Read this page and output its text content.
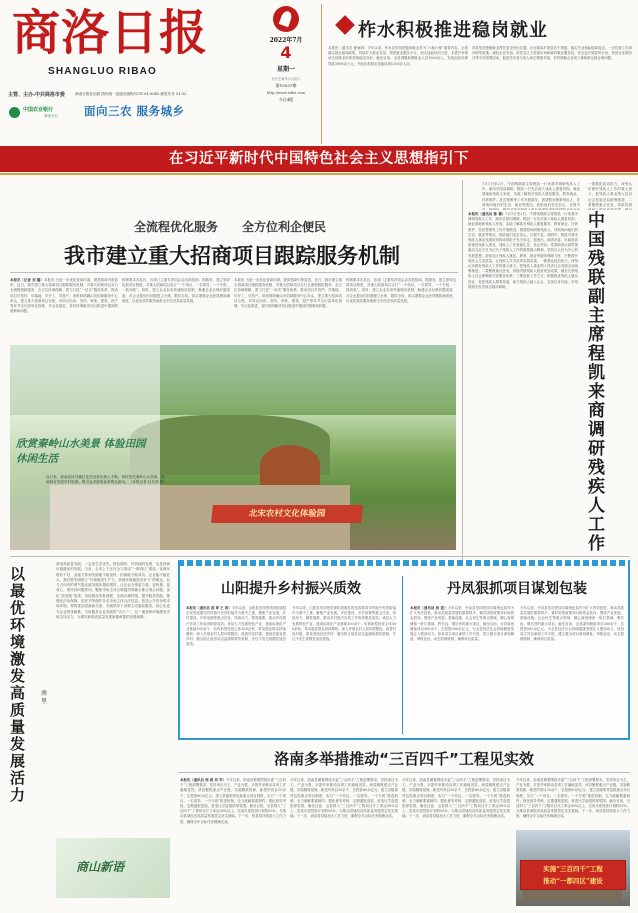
商洛日报
SHANGLUO RIBAO
主管、主办:中共商洛市委	商洛日报社出版 国内统一连续出版物号CN 61-0045 邮发代号 51-32
中国农业银行
商洛分行 面向三农 服务城乡
2022年7月
4
星期一
农历壬寅年六月初六
第10037期
http://www.slrbs.com
今日4版
柞水积极推进稳岗就业
本报讯（通讯员 夏雨明）今年以来，柞水县坚持把稳岗就业作为“六稳六保”重要内容，全面落实援企稳岗政策，持续扩大就业容量，搭建就业服务平台，加大技能培训力度，多措并举推动全县就业形势持续稳定向好。截至目前，全县城镇新增就业人员1600余人，发放创业担保贷款3000余万元，开展各类职业技能培训1200余人次。
该县坚持把稳就业摆在更加突出位置，出台稳岗扩就业若干措施，落实失业保险稳岗返还、一次性留工培训补助等政策，减轻企业负担。依托县人力资源市场和镇村就业服务站，常态化开展春风行动、民营企业服务月等专项招聘活动，促进劳动者与用人单位精准对接，有效缓解企业用工难和群众就业难问题。
在习近平新时代中国特色社会主义思想指引下
全流程优化服务　　全方位利企便民
我市建立重大招商项目跟踪服务机制
本报讯（记者 刘 璐）本报讯 为进一步优化营商环境，提高招商引资质效，近日，我市建立重大招商项目跟踪服务机制，对重大招商项目实行全流程跟踪服务、全方位协调保障，着力打造“一站式”服务体系，推动项目早签约、早落地、早开工、早投产。该机制明确由市招商服务中心牵头，建立重大招商项目台账，对项目洽谈、签约、审批、建设、投产等环节实行清单化管理、节点化推进，及时协调解决项目推进中遇到的困难和问题。
机制要求各县区、各部门主要负责同志亲自抓招商、抓服务，建立领导包抓项目制度，对重大招商项目实行“一个项目、一名领导、一个专班、一抓到底”。同时，建立企业诉求快速响应机制，畅通企业反映问题渠道，对企业提出的问题建立台账、限时办结，切实增强企业获得感和满意度，以优质高效服务助推全市经济高质量发展。
本报讯 为进一步优化营商环境，提高招商引资质效，近日，我市建立重大招商项目跟踪服务机制，对重大招商项目实行全流程跟踪服务、全方位协调保障，着力打造“一站式”服务体系，推动项目早签约、早落地、早开工、早投产。该机制明确由市招商服务中心牵头，建立重大招商项目台账，对项目洽谈、签约、审批、建设、投产等环节实行清单化管理、节点化推进，及时协调解决项目推进中遇到的困难和问题。
机制要求各县区、各部门主要负责同志亲自抓招商、抓服务，建立领导包抓项目制度，对重大招商项目实行“一个项目、一名领导、一个专班、一抓到底”。同时，建立企业诉求快速响应机制，畅通企业反映问题渠道，对企业提出的问题建立台账、限时办结，切实增强企业获得感和满意度，以优质高效服务助推全市经济高质量发展。
欣赏秦岭山水美景 体验田园休闲生活
连日来，商南县试马镇红花村农家乐游人不断。该村依托秦岭山水资源，因地制宜发展乡村旅游，吸引众多游客前来观光游玩。（本报记者 杜东岗 摄）
北宋农村文化体验园
本报讯（通讯员 陈 谦）7月1日至2日，中国残联副主席程凯一行来我市调研残疾人工作，副市长陪同调研。程凯一行先后深入残疾人康复机构、就业基地和残疾人家庭，实地了解我市残疾人康复服务、教育就业、托养照护、扶贫帮困等工作开展情况，看望慰问困难残疾人，详细询问他们的生活、就业等情况，鼓励他们坚定信心、自强不息。调研中，程凯对我市残疾人事业发展取得的成绩给予充分肯定，他指出，商洛市委、市政府高度重视残疾人事业，残疾人工作基础扎实、亮点突出。希望商洛认真贯彻落实习近平总书记关于残疾人工作的重要指示精神，坚持以人民为中心的发展思想，持续加大残疾人康复、教育、就业等服务保障力度，不断提升残疾人生活质量，让残疾人共享改革发展成果。一要强化政治担当，深刻认识做好残疾人工作的重大意义，把残疾人事业纳入经济社会发展全局统筹推进；二要聚焦重点任务，持续巩固残疾人脱贫攻坚成果，健全完善残疾人社会保障和关爱服务体系；三要创新工作方式，积极推进残疾人就业创业，拓宽残疾人增收渠道，助力残疾人融入社会、实现自身价值。市残联相关负责同志陪同调研。
7月1日至2日，中国残联副主席程凯一行来我市调研残疾人工作，副市长陪同调研。程凯一行先后深入残疾人康复机构、就业基地和残疾人家庭，实地了解我市残疾人康复服务、教育就业、托养照护、扶贫帮困等工作开展情况，看望慰问困难残疾人，详细询问他们的生活、就业等情况，鼓励他们坚定信心、自强不
中国残联副主席程凯来商调研残疾人工作
一要强化政治担当，深刻认识做好残疾人工作的重大意义，把残疾人事业纳入经济社会发展全局统筹推进；二要聚焦重点任务，持续巩固
以最优环境激发高质量发展活力
南 里
商洛高质量发展，一定是生态优先、绿色循环、可持续的发展，也是营商环境最优的发展。当前，全市上下正在全力推动“一都四区”建设，营商环境好不好，直接关系到发展能不能加快、招商能不能成功、企业能不能壮大。我们要牢固树立“环境就是生产力、营商环境就是竞争力”的理念，以刀刃向内的勇气推动政务服务提质增效，让企业办事更方便、更快捷、更省心。要坚持问题导向，聚焦市场主体反映强烈的痛点难点堵点问题，深化“放管服”改革，持续简化审批流程，压缩办理时限，提升服务效能。要强化法治保障，依法平等保护各类市场主体合法权益，营造公平竞争的市场环境。要构建亲清政商关系，各级领导干部要主动靠前服务，真心实意为企业排忧解难，当好服务企业发展的“店小二”，以一流营商环境激发市场主体活力，为谱写商洛高质量发展新篇章提供坚强保障。
商山新语
山阳提升乡村振兴质效
本报讯（通讯员 胡 坤 王 玥）今年以来，山阳县坚持把巩固拓展脱贫攻坚成果同乡村振兴有效衔接作为重中之重，聚焦产业发展、乡村建设、乡村治理等重点任务，持续用力、精准施策，推动乡村振兴各项工作取得明显成效。该县大力发展特色产业，建成标准化产业基地100余个，培育新型经营主体300余家，带动脱贫群众持续增收；深入开展农村人居环境整治，改善村容村貌，建设美丽宜居乡村；健全防止返贫动态监测和帮扶机制，守住不发生规模性返贫底线。
今年以来，山阳县坚持把巩固拓展脱贫攻坚成果同乡村振兴有效衔接作为重中之重，聚焦产业发展、乡村建设、乡村治理等重点任务，持续用力、精准施策，推动乡村振兴各项工作取得明显成效。该县大力发展特色产业，建成标准化产业基地100余个，培育新型经营主体300余家，带动脱贫群众持续增收；深入开展农村人居环境整治，改善村容村貌，建设美丽宜居乡村；健全防止返贫动态监测和帮扶机制，守住不发生规模性返贫底线。
丹凤狠抓项目谋划包装
本报讯（通讯员 杨 波）今年以来，丹凤县坚持把项目谋划包装作为扩大有效投资、推动高质量发展的重要抓手，紧盯国家政策导向和资金投向，围绕产业发展、基础设施、社会民生等重点领域，精心谋划储备一批打基础、利长远、增后劲的重大项目。截至目前，全县谋划储备项目300余个，总投资500余亿元，为全县经济社会持续健康发展注入强劲动力。该县成立项目谋划工作专班，建立健全项目谋划储备、审核论证、动态管理机制，确保项目质量。
今年以来，丹凤县坚持把项目谋划包装作为扩大有效投资、推动高质量发展的重要抓手，紧盯国家政策导向和资金投向，围绕产业发展、基础设施、社会民生等重点领域，精心谋划储备一批打基础、利长远、增后劲的重大项目。截至目前，全县谋划储备项目300余个，总投资500余亿元，为全县经济社会持续健康发展注入强劲动力。该县成立项目谋划工作专班，建立健全项目谋划储备、审核论证、动态管理机制，确保项目质量。
洛南多举措推动“三百四千”工程见实效
本报讯（通讯员 杨 莉 刘 军）今年以来，洛南县紧紧围绕市委“三百四千”工程部署要求，坚持项目为王、产业为要，多措并举推动各项工作落地见效。该县聚焦重点产业链，实施精准招商，新签约项目20余个，总投资80余亿元；建立县级领导包抓重点项目制度，实行“一个项目、一名领导、一个专班”推进机制，全力破解要素制约；强化督导考核，定期通报进展，营造比学赶超浓厚氛围。截至目前，全县纳入“三百四千”工程项目开工率达90%以上，完成年度投资计划的55%，为推动县域经济高质量发展奠定坚实基础。下一步，该县将持续加大工作力度，确保全年目标任务圆满完成。
今年以来，洛南县紧紧围绕市委“三百四千”工程部署要求，坚持项目为王、产业为要，多措并举推动各项工作落地见效。该县聚焦重点产业链，实施精准招商，新签约项目20余个，总投资80余亿元；建立县级领导包抓重点项目制度，实行“一个项目、一名领导、一个专班”推进机制，全力破解要素制约；强化督导考核，定期通报进展，营造比学赶超浓厚氛围。截至目前，全县纳入“三百四千”工程项目开工率达90%以上，完成年度投资计划的55%，为推动县域经济高质量发展奠定坚实基础。下一步，该县将持续加大工作力度，确保全年目标任务圆满完成。
今年以来，洛南县紧紧围绕市委“三百四千”工程部署要求，坚持项目为王、产业为要，多措并举推动各项工作落地见效。该县聚焦重点产业链，实施精准招商，新签约项目20余个，总投资80余亿元；建立县级领导包抓重点项目制度，实行“一个项目、一名领导、一个专班”推进机制，全力破解要素制约；强化督导考核，定期通报进展，营造比学赶超浓厚氛围。截至目前，全县纳入“三百四千”工程项目开工率达90%以上，完成年度投资计划的55%，为推动县域经济高质量发展奠定坚实基础。下一步，该县将持续加大工作力度，确保全年目标任务圆满完成。
今年以来，洛南县紧紧围绕市委“三百四千”工程部署要求，坚持项目为王、产业为要，多措并举推动各项工作落地见效。该县聚焦重点产业链，实施精准招商，新签约项目20余个，总投资80余亿元；建立县级领导包抓重点项目制度，实行“一个项目、一名领导、一个专班”推进机制，全力破解要素制约；强化督导考核，定期通报进展，营造比学赶超浓厚氛围。截至目前，全县纳入“三百四千”工程项目开工率达90%以上，完成年度投资计划的55%，为推动县域经济高质量发展奠定坚实基础。下一步，该县将持续加大工作力度，确保全年目标任务圆满完成。
实施“三百四千”工程
推动“一都四区”建设
